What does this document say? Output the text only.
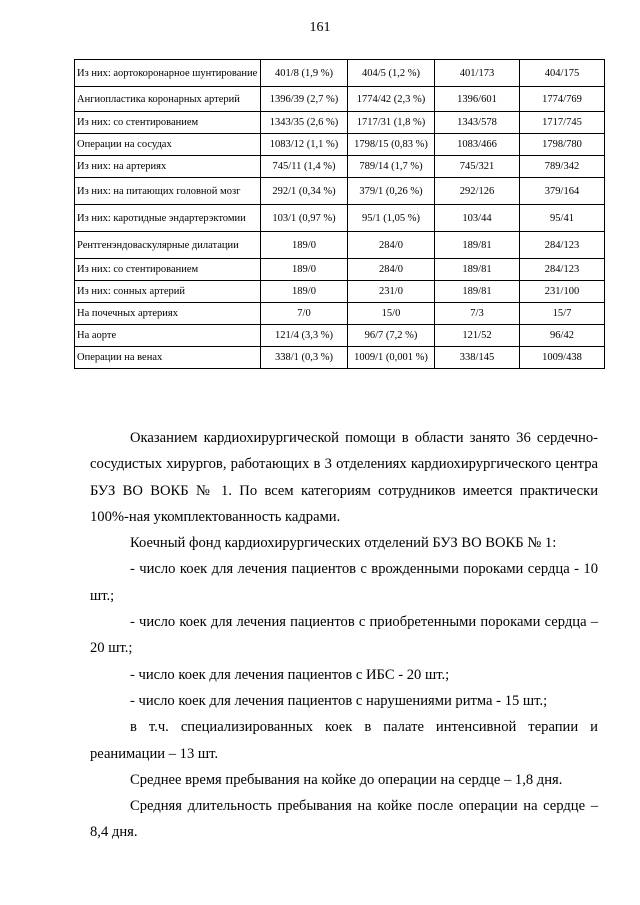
161
Из них: аортокоронарное шунтирование	401/8 (1,9 %)	404/5 (1,2 %)	401/173	404/175
Ангиопластика коронарных артерий	1396/39 (2,7 %)	1774/42 (2,3 %)	1396/601	1774/769
Из них: со стентированием	1343/35 (2,6 %)	1717/31 (1,8 %)	1343/578	1717/745
Операции на сосудах	1083/12 (1,1 %)	1798/15 (0,83 %)	1083/466	1798/780
Из них: на артериях	745/11 (1,4 %)	789/14 (1,7 %)	745/321	789/342
Из них: на питающих головной мозг	292/1 (0,34 %)	379/1 (0,26 %)	292/126	379/164
Из них: каротидные эндартерэктомии	103/1 (0,97 %)	95/1 (1,05 %)	103/44	95/41
Рентгенэндоваскулярные дилатации	189/0	284/0	189/81	284/123
Из них: со стентированием	189/0	284/0	189/81	284/123
Из них: сонных артерий	189/0	231/0	189/81	231/100
На почечных артериях	7/0	15/0	7/3	15/7
На аорте	121/4 (3,3 %)	96/7 (7,2 %)	121/52	96/42
Операции на венах	338/1 (0,3 %)	1009/1 (0,001 %)	338/145	1009/438

Оказанием кардиохирургической помощи в области занято 36 сердечно-сосудистых хирургов, работающих в 3 отделениях кардиохирургического центра БУЗ ВО ВОКБ № 1. По всем категориям сотрудников имеется практически 100%-ная укомплектованность кадрами.

Коечный фонд кардиохирургических отделений БУЗ ВО ВОКБ № 1:

- число коек для лечения пациентов с врожденными пороками сердца - 10 шт.;

- число коек для лечения пациентов с приобретенными пороками сердца – 20 шт.;

- число коек для лечения пациентов с ИБС - 20 шт.;

- число коек для лечения пациентов с нарушениями ритма - 15 шт.;

в т.ч. специализированных коек в палате интенсивной терапии и реанимации – 13 шт.

Среднее время пребывания на койке до операции на сердце – 1,8 дня.

Средняя длительность пребывания на койке после операции на сердце – 8,4 дня.
